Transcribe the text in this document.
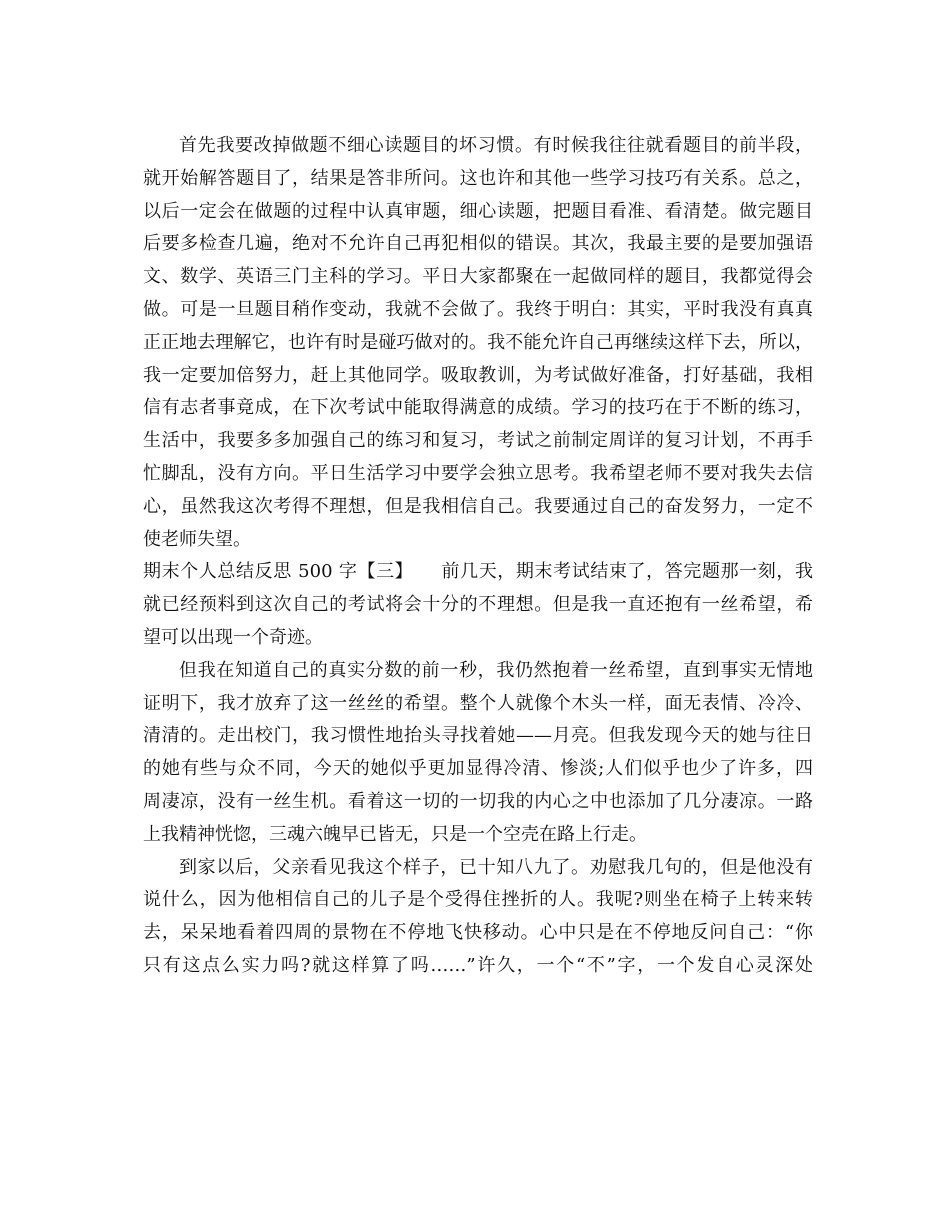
首先我要改掉做题不细心读题目的坏习惯。有时候我往往就看题目的前半段，
就开始解答题目了，结果是答非所问。这也许和其他一些学习技巧有关系。总之，
以后一定会在做题的过程中认真审题，细心读题，把题目看准、看清楚。做完题目
后要多检查几遍，绝对不允许自己再犯相似的错误。其次，我最主要的是要加强语
文、数学、英语三门主科的学习。平日大家都聚在一起做同样的题目，我都觉得会
做。可是一旦题目稍作变动，我就不会做了。我终于明白：其实，平时我没有真真
正正地去理解它，也许有时是碰巧做对的。我不能允许自己再继续这样下去，所以，
我一定要加倍努力，赶上其他同学。吸取教训，为考试做好准备，打好基础，我相
信有志者事竟成，在下次考试中能取得满意的成绩。学习的技巧在于不断的练习，
生活中，我要多多加强自己的练习和复习，考试之前制定周详的复习计划，不再手
忙脚乱，没有方向。平日生活学习中要学会独立思考。我希望老师不要对我失去信
心，虽然我这次考得不理想，但是我相信自己。我要通过自己的奋发努力，一定不
使老师失望。
期末个人总结反思 500 字【三】　　前几天，期末考试结束了，答完题那一刻，我
就已经预料到这次自己的考试将会十分的不理想。但是我一直还抱有一丝希望，希
望可以出现一个奇迹。
但我在知道自己的真实分数的前一秒，我仍然抱着一丝希望，直到事实无情地
证明下，我才放弃了这一丝丝的希望。整个人就像个木头一样，面无表情、冷冷、
清清的。走出校门，我习惯性地抬头寻找着她——月亮。但我发现今天的她与往日
的她有些与众不同，今天的她似乎更加显得冷清、惨淡;人们似乎也少了许多，四
周凄凉，没有一丝生机。看着这一切的一切我的内心之中也添加了几分凄凉。一路
上我精神恍惚，三魂六魄早已皆无，只是一个空壳在路上行走。
到家以后，父亲看见我这个样子，已十知八九了。劝慰我几句的，但是他没有
说什么，因为他相信自己的儿子是个受得住挫折的人。我呢?则坐在椅子上转来转
去，呆呆地看着四周的景物在不停地飞快移动。心中只是在不停地反问自己：“你
只有这点么实力吗?就这样算了吗……”许久，一个“不”字，一个发自心灵深处
